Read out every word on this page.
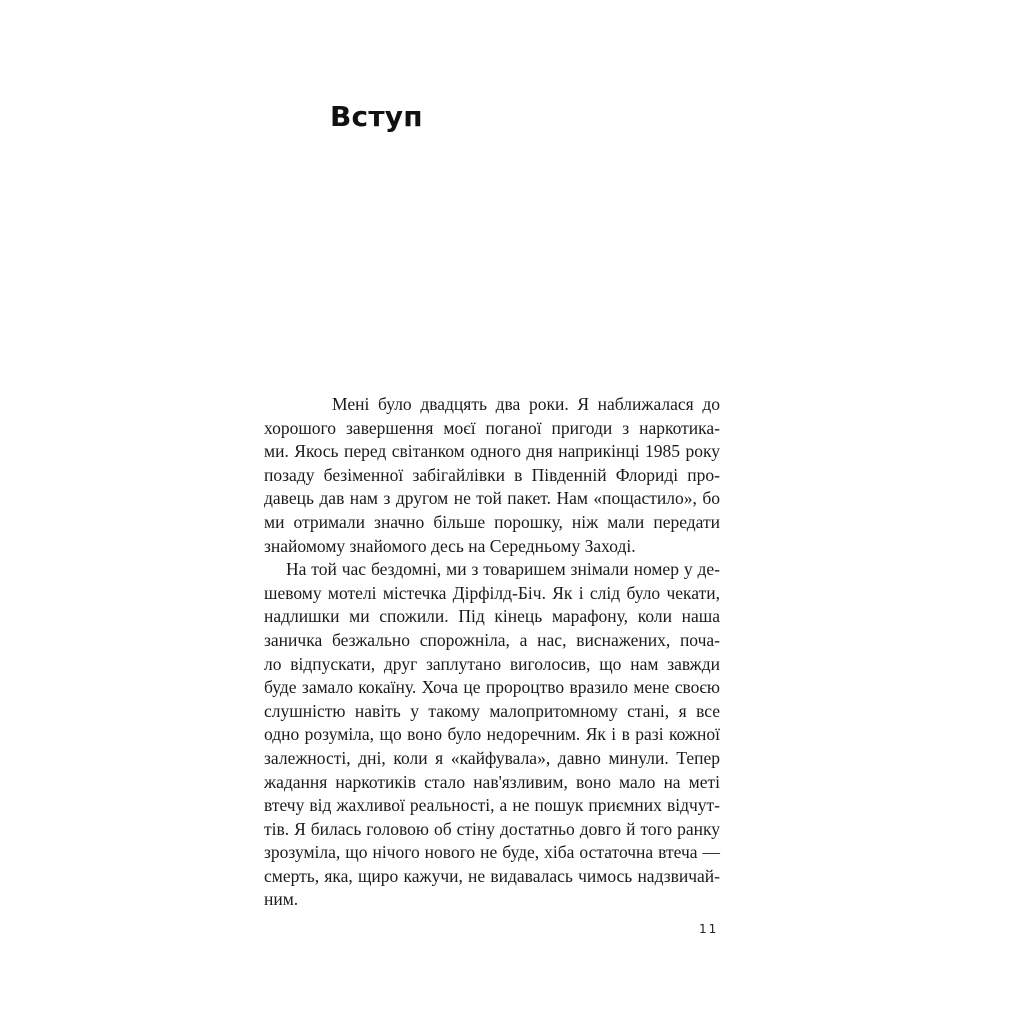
Вступ
Мені було двадцять два роки. Я наближалася до
хорошого завершення моєї поганої пригоди з наркотика-
ми. Якось перед світанком одного дня наприкінці 1985 року
позаду безіменної забігайлівки в Південній Флориді про-
давець дав нам з другом не той пакет. Нам «пощастило», бо
ми отримали значно більше порошку, ніж мали передати
знайомому знайомого десь на Середньому Заході.
На той час бездомні, ми з товаришем знімали номер у де-
шевому мотелі містечка Дірфілд-Біч. Як і слід було чекати,
надлишки ми спожили. Під кінець марафону, коли наша
заничка безжально спорожніла, а нас, виснажених, поча-
ло відпускати, друг заплутано виголосив, що нам завжди
буде замало кокаїну. Хоча це пророцтво вразило мене своєю
слушністю навіть у такому малопритомному стані, я все
одно розуміла, що воно було недоречним. Як і в разі кожної
залежності, дні, коли я «кайфувала», давно минули. Тепер
жадання наркотиків стало нав'язливим, воно мало на меті
втечу від жахливої реальності, а не пошук приємних відчут-
тів. Я билась головою об стіну достатньо довго й того ранку
зрозуміла, що нічого нового не буде, хіба остаточна втеча —
смерть, яка, щиро кажучи, не видавалась чимось надзвичай-
ним.
11
